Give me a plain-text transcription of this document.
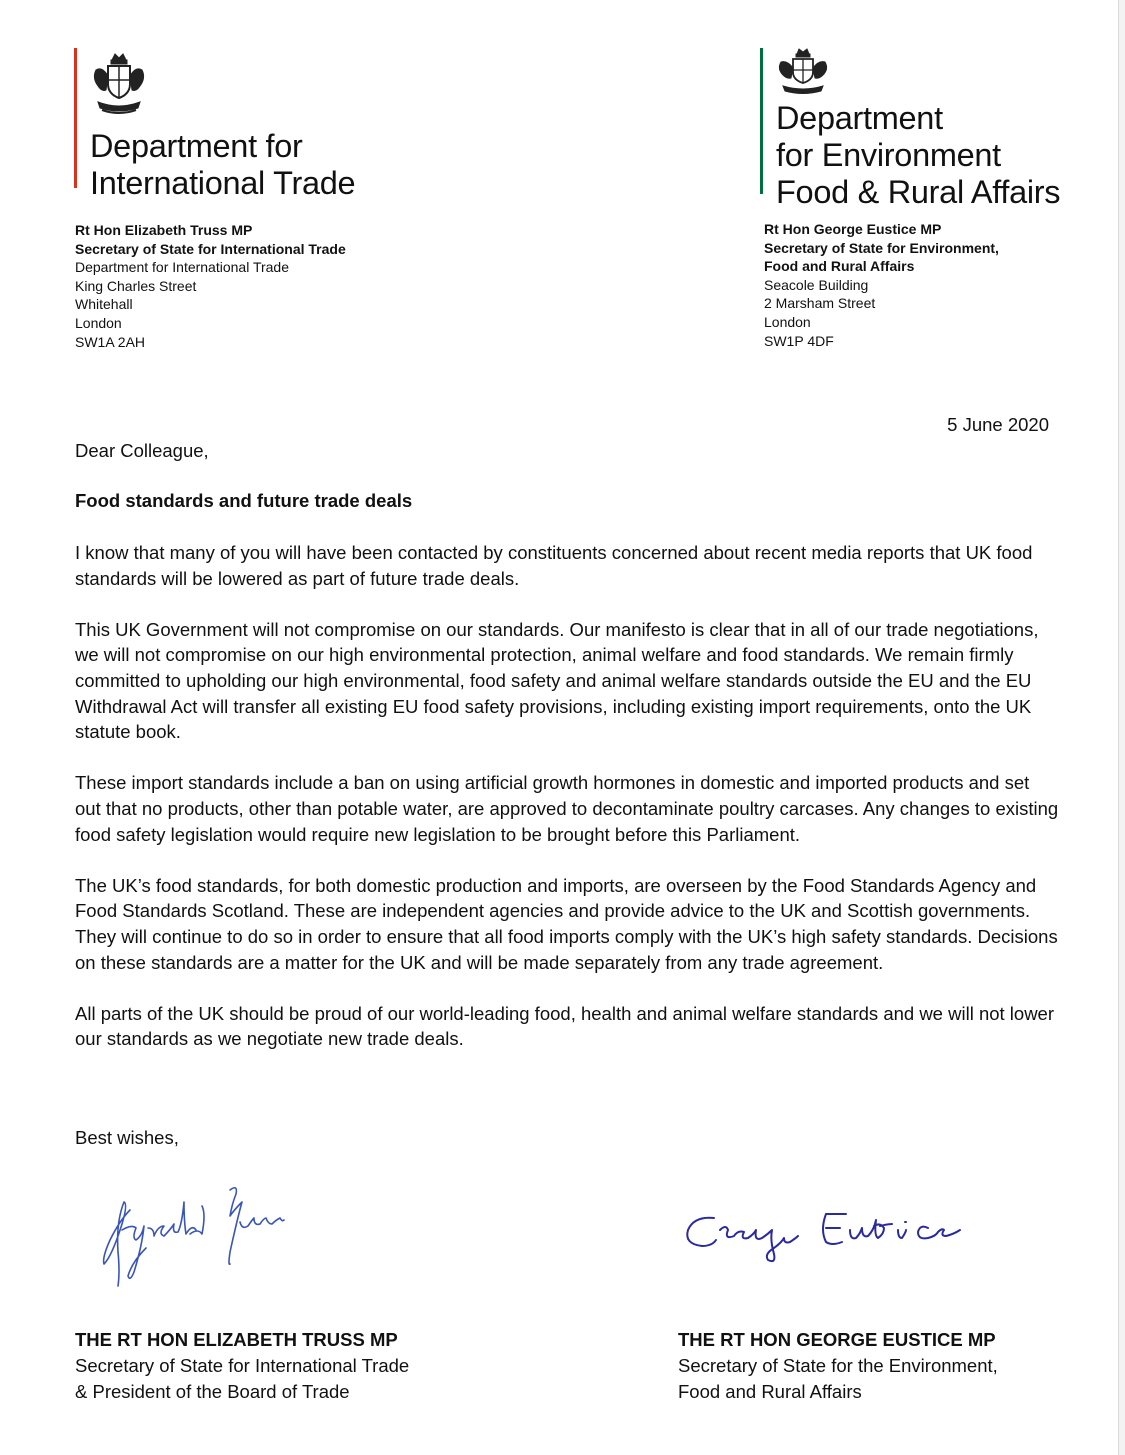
Department for
International Trade
Department
for Environment
Food & Rural Affairs
Rt Hon Elizabeth Truss MP
Secretary of State for International Trade
Department for International Trade
King Charles Street
Whitehall
London
SW1A 2AH
Rt Hon George Eustice MP
Secretary of State for Environment,
Food and Rural Affairs
Seacole Building
2 Marsham Street
London
SW1P 4DF
5 June 2020
Dear Colleague,
Food standards and future trade deals

I know that many of you will have been contacted by constituents concerned about recent media reports that UK food standards will be lowered as part of future trade deals.

This UK Government will not compromise on our standards. Our manifesto is clear that in all of our trade negotiations, we will not compromise on our high environmental protection, animal welfare and food standards. We remain firmly committed to upholding our high environmental, food safety and animal welfare standards outside the EU and the EU Withdrawal Act will transfer all existing EU food safety provisions, including existing import requirements, onto the UK statute book.

These import standards include a ban on using artificial growth hormones in domestic and imported products and set out that no products, other than potable water, are approved to decontaminate poultry carcases. Any changes to existing food safety legislation would require new legislation to be brought before this Parliament.

The UK’s food standards, for both domestic production and imports, are overseen by the Food Standards Agency and Food Standards Scotland. These are independent agencies and provide advice to the UK and Scottish governments. They will continue to do so in order to ensure that all food imports comply with the UK’s high safety standards. Decisions on these standards are a matter for the UK and will be made separately from any trade agreement.

All parts of the UK should be proud of our world-leading food, health and animal welfare standards and we will not lower our standards as we negotiate new trade deals.

Best wishes,
THE RT HON ELIZABETH TRUSS MP
Secretary of State for International Trade
& President of the Board of Trade
THE RT HON GEORGE EUSTICE MP
Secretary of State for the Environment,
Food and Rural Affairs
